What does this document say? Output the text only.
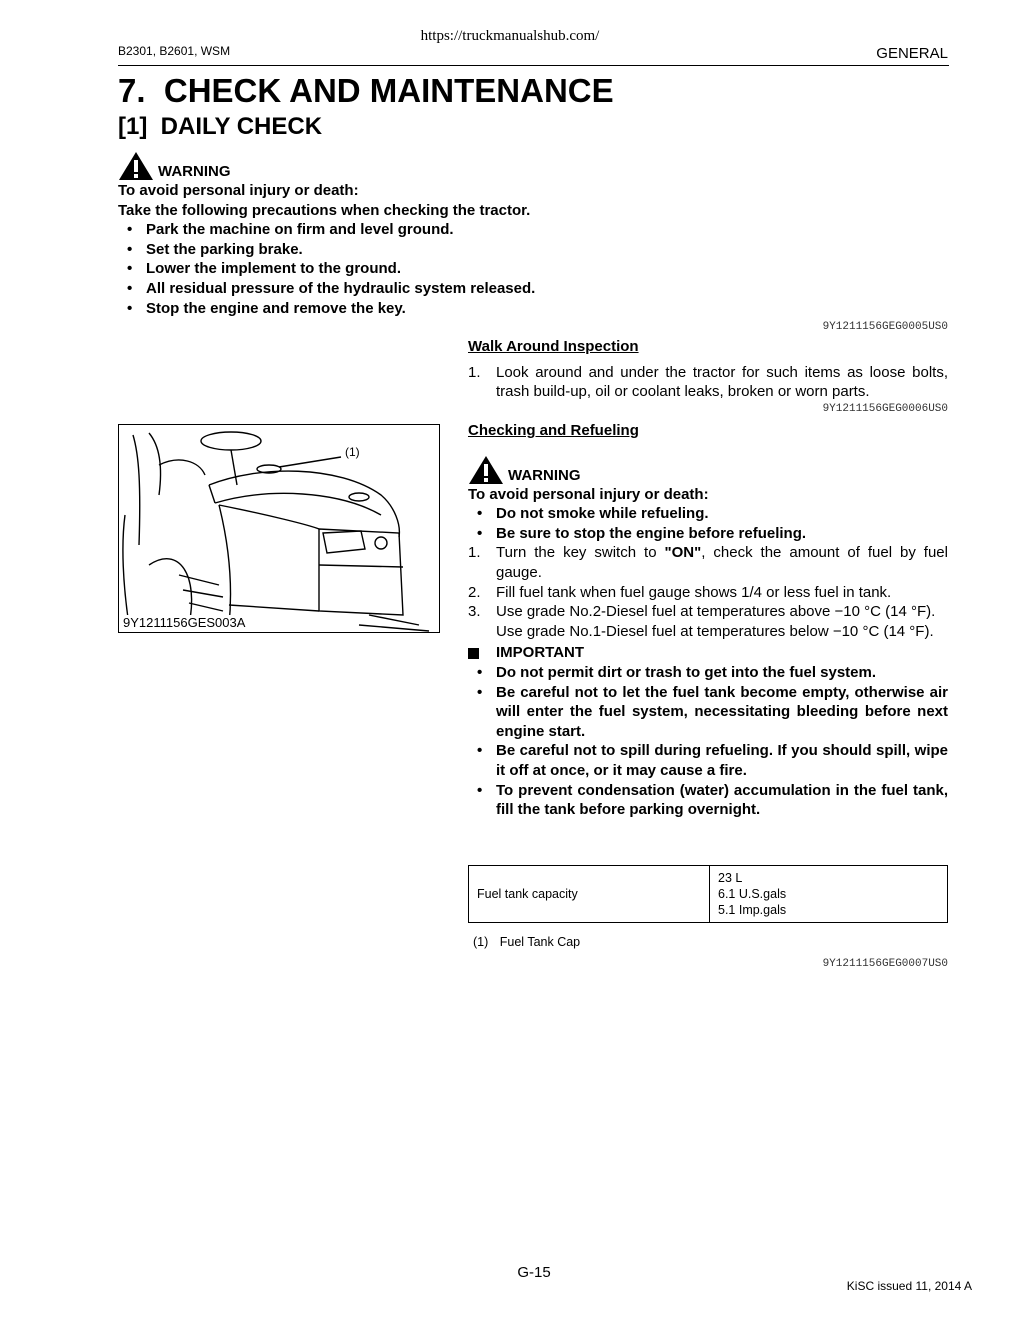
https://truckmanualshub.com/
B2301, B2601, WSM	GENERAL
7.  CHECK AND MAINTENANCE
[1]  DAILY CHECK
WARNING
To avoid personal injury or death:
Take the following precautions when checking the tractor.
• Park the machine on firm and level ground.
• Set the parking brake.
• Lower the implement to the ground.
• All residual pressure of the hydraulic system released.
• Stop the engine and remove the key.
9Y1211156GEG0005US0
Walk Around Inspection
1. Look around and under the tractor for such items as loose bolts, trash build-up, oil or coolant leaks, broken or worn parts.
9Y1211156GEG0006US0
(1)
9Y1211156GES003A
Checking and Refueling
WARNING
To avoid personal injury or death:
• Do not smoke while refueling.
• Be sure to stop the engine before refueling.
1. Turn the key switch to "ON", check the amount of fuel by fuel gauge.
2. Fill fuel tank when fuel gauge shows 1/4 or less fuel in tank.
3. Use grade No.2-Diesel fuel at temperatures above −10 °C (14 °F).
Use grade No.1-Diesel fuel at temperatures below −10 °C (14 °F).
IMPORTANT
• Do not permit dirt or trash to get into the fuel system.
• Be careful not to let the fuel tank become empty, otherwise air will enter the fuel system, necessitating bleeding before next engine start.
• Be careful not to spill during refueling. If you should spill, wipe it off at once, or it may cause a fire.
• To prevent condensation (water) accumulation in the fuel tank, fill the tank before parking overnight.
Fuel tank capacity	
23 L
6.1 U.S.gals
5.1 Imp.gals
(1) Fuel Tank Cap
9Y1211156GEG0007US0
G-15
KiSC issued 11, 2014 A
